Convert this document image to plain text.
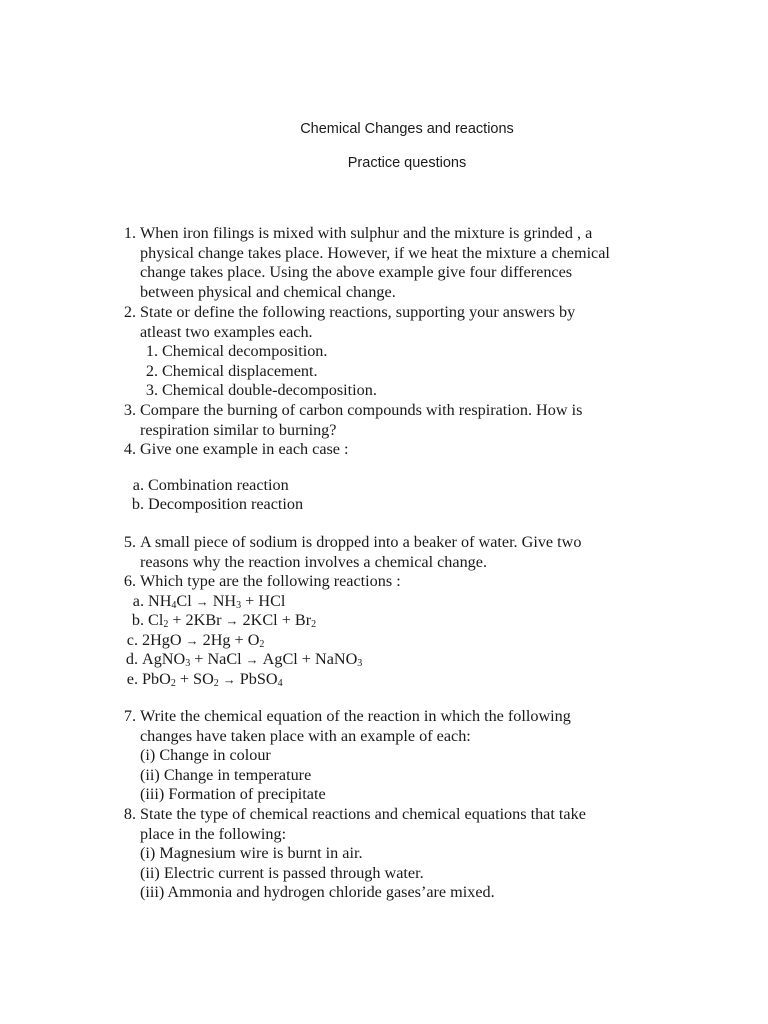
Chemical Changes and reactions
Practice questions
1. When iron filings is mixed with sulphur and the mixture is grinded , a
physical change takes place. However, if we heat the mixture a chemical
change takes place. Using the above example give four differences
between physical and chemical change.
2. State or define the following reactions, supporting your answers by
atleast two examples each.
1. Chemical decomposition.
2. Chemical displacement.
3. Chemical double-decomposition.
3. Compare the burning of carbon compounds with respiration. How is
respiration similar to burning?
4. Give one example in each case :
a. Combination reaction
b. Decomposition reaction
5. A small piece of sodium is dropped into a beaker of water. Give two
reasons why the reaction involves a chemical change.
6. Which type are the following reactions :
a. $NH_4Cl \to NH_3$ + HCl
b. $Cl_2 + 2KBr \to 2KCl + Br_2$
c. $2HgO \to 2Hg + O_2$
d. AgNO$_3$ + NaCl → AgCl + NaNO$_3$
e. $PbO_2 + SO_2$ → PbSO$_4$
7. Write the chemical equation of the reaction in which the following
changes have taken place with an example of each:
(i) Change in colour
(ii) Change in temperature
(iii) Formation of precipitate
8. State the type of chemical reactions and chemical equations that take
place in the following:
(i) Magnesium wire is burnt in air.
(ii) Electric current is passed through water.
(iii) Ammonia and hydrogen chloride gases’are mixed.
